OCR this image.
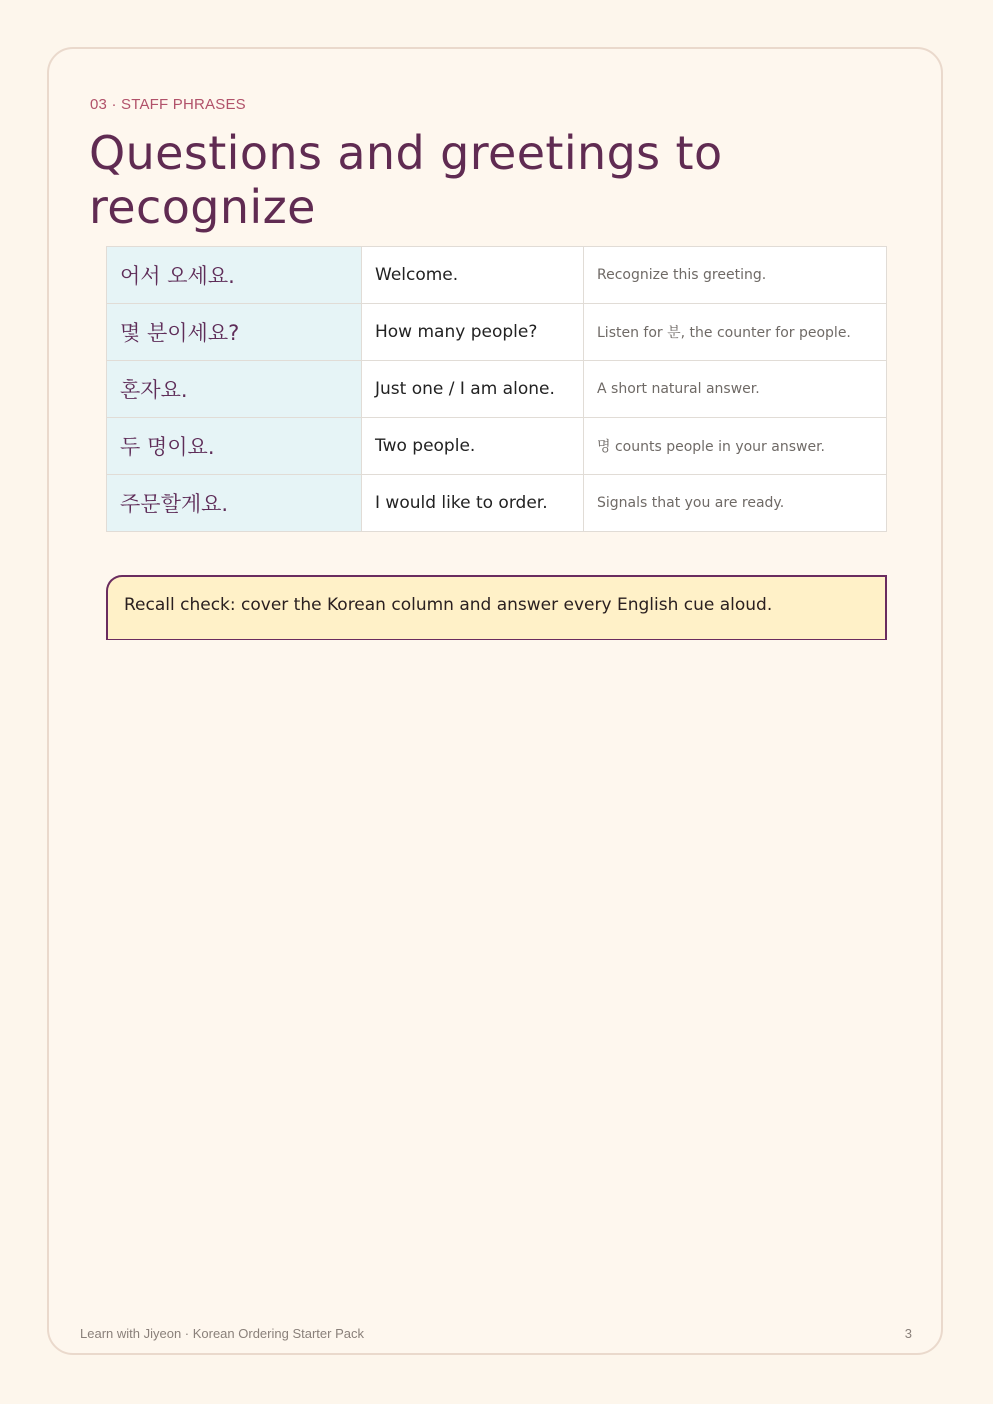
03 · STAFF PHRASES

Questions and greetings to recognize
어서 오세요.	Welcome.	Recognize this greeting.
몇 분이세요?	How many people?	Listen for 분, the counter for people.
혼자요.	Just one / I am alone.	A short natural answer.
두 명이요.	Two people.	명 counts people in your answer.
주문할게요.	I would like to order.	Signals that you are ready.
Recall check: cover the Korean column and answer every English cue aloud.
Learn with Jiyeon · Korean Ordering Starter Pack	3
